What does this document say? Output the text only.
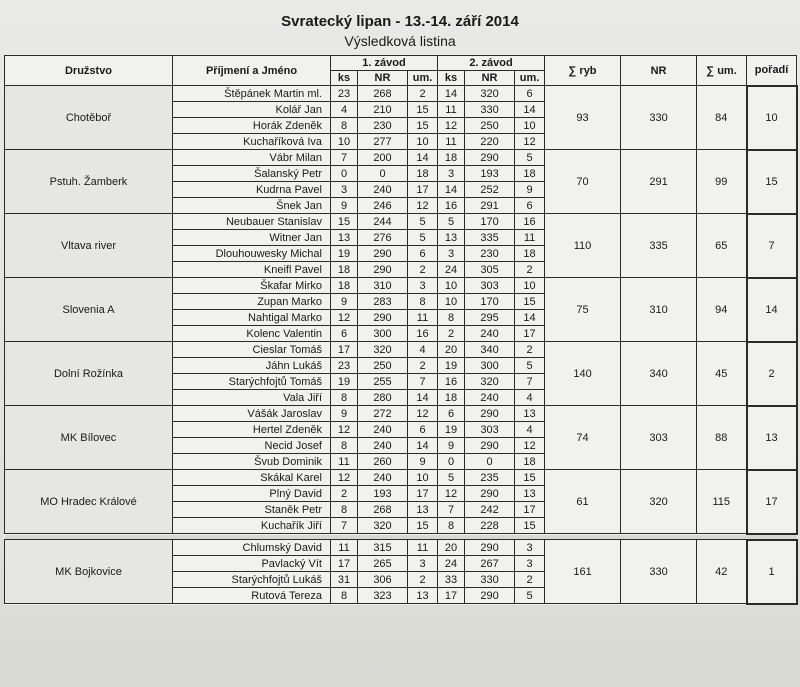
Svratecký lipan - 13.-14. září 2014
Výsledková listina
Družstvo	Příjmení a Jméno	1. závod			2. závod			∑ ryb	NR	∑ um.	pořadí
		ks	NR	um.	ks	NR	um.				
Chotěboř	Štěpánek Martin ml.	23	268	2	14	320	6	93	330	84	10
	Kolář Jan	4	210	15	11	330	14				
	Horák Zdeněk	8	230	15	12	250	10				
	Kuchaříková Iva	10	277	10	11	220	12				
Pstuh. Žamberk	Vábr Milan	7	200	14	18	290	5	70	291	99	15
	Šalanský Petr	0	0	18	3	193	18				
	Kudrna Pavel	3	240	17	14	252	9				
	Šnek Jan	9	246	12	16	291	6				
Vltava river	Neubauer Stanislav	15	244	5	5	170	16	110	335	65	7
	Witner Jan	13	276	5	13	335	11				
	Dlouhouwesky Michal	19	290	6	3	230	18				
	Kneifl Pavel	18	290	2	24	305	2				
Slovenia A	Škafar Mirko	18	310	3	10	303	10	75	310	94	14
	Zupan Marko	9	283	8	10	170	15				
	Nahtigal Marko	12	290	11	8	295	14				
	Kolenc Valentin	6	300	16	2	240	17				
Dolní Rožínka	Cieslar Tomáš	17	320	4	20	340	2	140	340	45	2
	Jáhn Lukáš	23	250	2	19	300	5				
	Starýchfojtů Tomáš	19	255	7	16	320	7				
	Vala Jiří	8	280	14	18	240	4				
MK Bílovec	Vášák Jaroslav	9	272	12	6	290	13	74	303	88	13
	Hertel Zdeněk	12	240	6	19	303	4				
	Necid Josef	8	240	14	9	290	12				
	Švub Dominik	11	260	9	0	0	18				
MO Hradec Králové	Skákal Karel	12	240	10	5	235	15	61	320	115	17
	Plný David	2	193	17	12	290	13				
	Staněk Petr	8	268	13	7	242	17				
	Kuchařík Jiří	7	320	15	8	228	15				

MK Bojkovice	Chlumský David	11	315	11	20	290	3	161	330	42	1
	Pavlacký Vít	17	265	3	24	267	3				
	Starýchfojtů Lukáš	31	306	2	33	330	2				
	Rutová Tereza	8	323	13	17	290	5				
